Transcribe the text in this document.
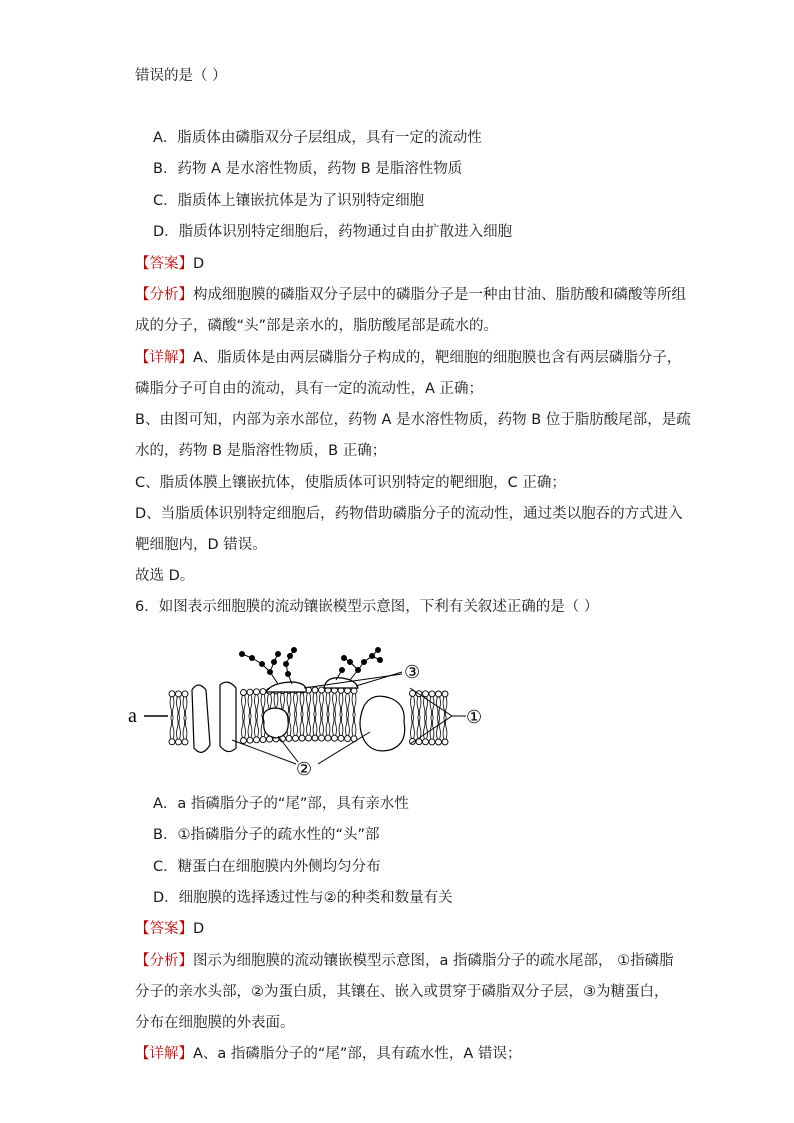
错误的是（ ）
A．脂质体由磷脂双分子层组成，具有一定的流动性
B．药物 A 是水溶性物质，药物 B 是脂溶性物质
C．脂质体上镶嵌抗体是为了识别特定细胞
D．脂质体识别特定细胞后，药物通过自由扩散进入细胞
【答案】D
【分析】构成细胞膜的磷脂双分子层中的磷脂分子是一种由甘油、脂肪酸和磷酸等所组
成的分子，磷酸“头”部是亲水的，脂肪酸尾部是疏水的。
【详解】A、脂质体是由两层磷脂分子构成的，靶细胞的细胞膜也含有两层磷脂分子，
磷脂分子可自由的流动，具有一定的流动性，A 正确；
B、由图可知，内部为亲水部位，药物 A 是水溶性物质，药物 B 位于脂肪酸尾部，是疏
水的，药物 B 是脂溶性物质，B 正确；
C、脂质体膜上镶嵌抗体，使脂质体可识别特定的靶细胞，C 正确；
D、当脂质体识别特定细胞后，药物借助磷脂分子的流动性，通过类以胞吞的方式进入
靶细胞内，D 错误。
故选 D。
6．如图表示细胞膜的流动镶嵌模型示意图，下利有关叙述正确的是（ ）
a	①
②
③
A．a 指磷脂分子的“尾”部，具有亲水性
B．①指磷脂分子的疏水性的“头”部
C．糖蛋白在细胞膜内外侧均匀分布
D．细胞膜的选择透过性与②的种类和数量有关
【答案】D
【分析】图示为细胞膜的流动镶嵌模型示意图，a 指磷脂分子的疏水尾部， ①指磷脂
分子的亲水头部，②为蛋白质，其镶在、嵌入或贯穿于磷脂双分子层，③为糖蛋白，
分布在细胞膜的外表面。
【详解】A、a 指磷脂分子的“尾”部，具有疏水性，A 错误；
